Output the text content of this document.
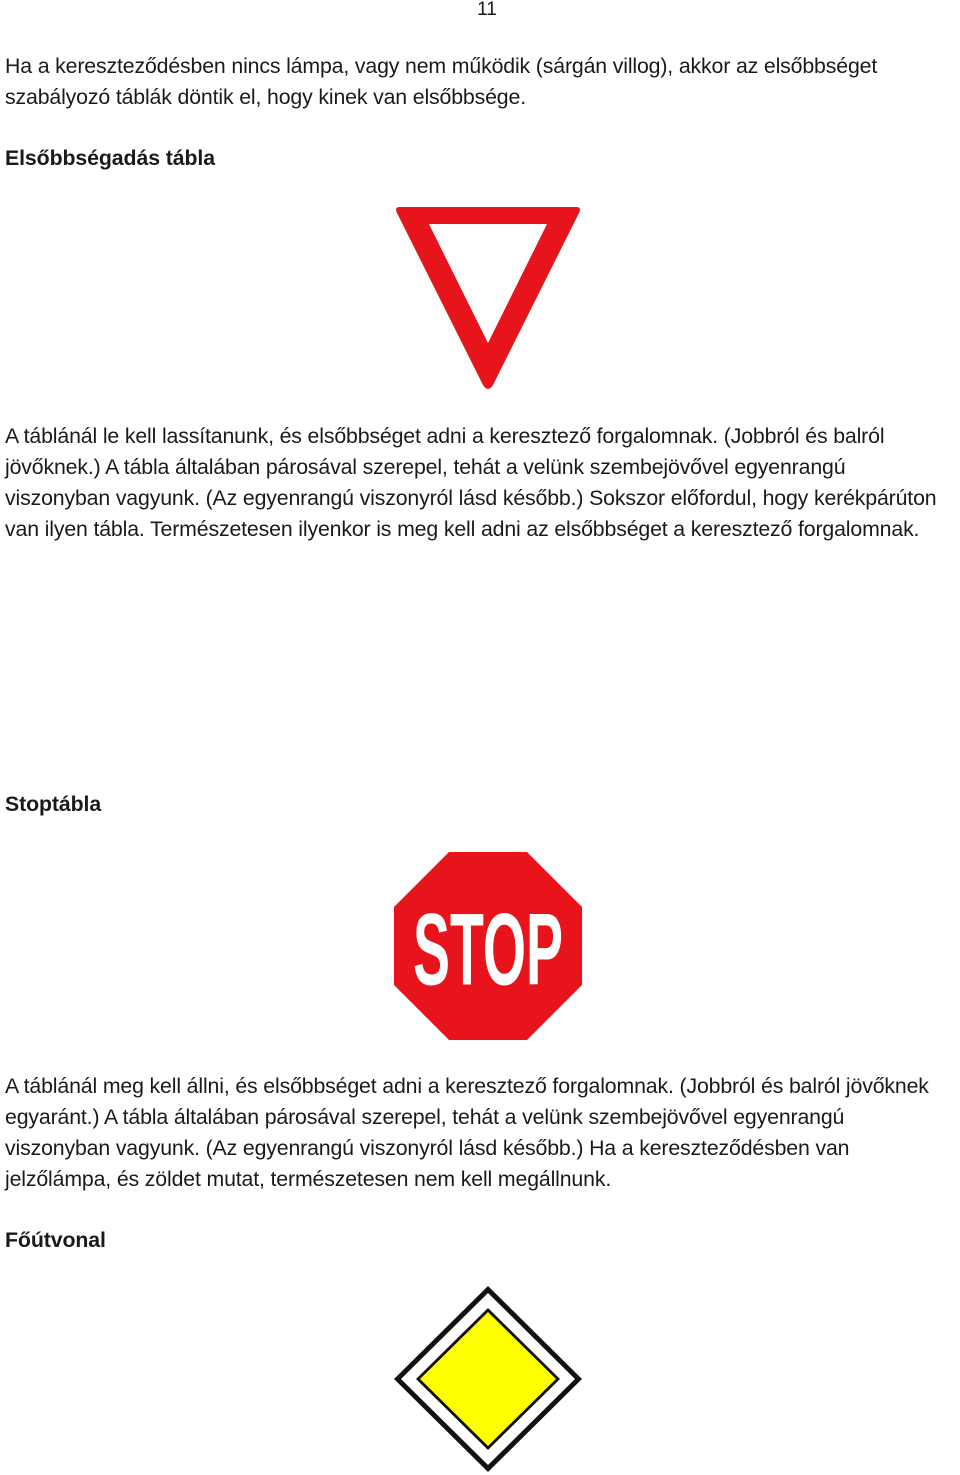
11

Ha a kereszteződésben nincs lámpa, vagy nem működik (sárgán villog), akkor az elsőbbséget szabályozó táblák döntik el, hogy kinek van elsőbbsége.

Elsőbbségadás tábla

A táblánál le kell lassítanunk, és elsőbbséget adni a keresztező forgalomnak. (Jobbról és balról jövőknek.) A tábla általában párosával szerepel, tehát a velünk szembejövővel egyenrangú viszonyban vagyunk. (Az egyenrangú viszonyról lásd később.) Sokszor előfordul, hogy kerékpárúton van ilyen tábla. Természetesen ilyenkor is meg kell adni az elsőbbséget a keresztező forgalomnak.

Stoptábla
STOP

A táblánál meg kell állni, és elsőbbséget adni a keresztező forgalomnak. (Jobbról és balról jövőknek egyaránt.) A tábla általában párosával szerepel, tehát a velünk szembejövővel egyenrangú viszonyban vagyunk. (Az egyenrangú viszonyról lásd később.) Ha a kereszteződésben van jelzőlámpa, és zöldet mutat, természetesen nem kell megállnunk.

Főútvonal
